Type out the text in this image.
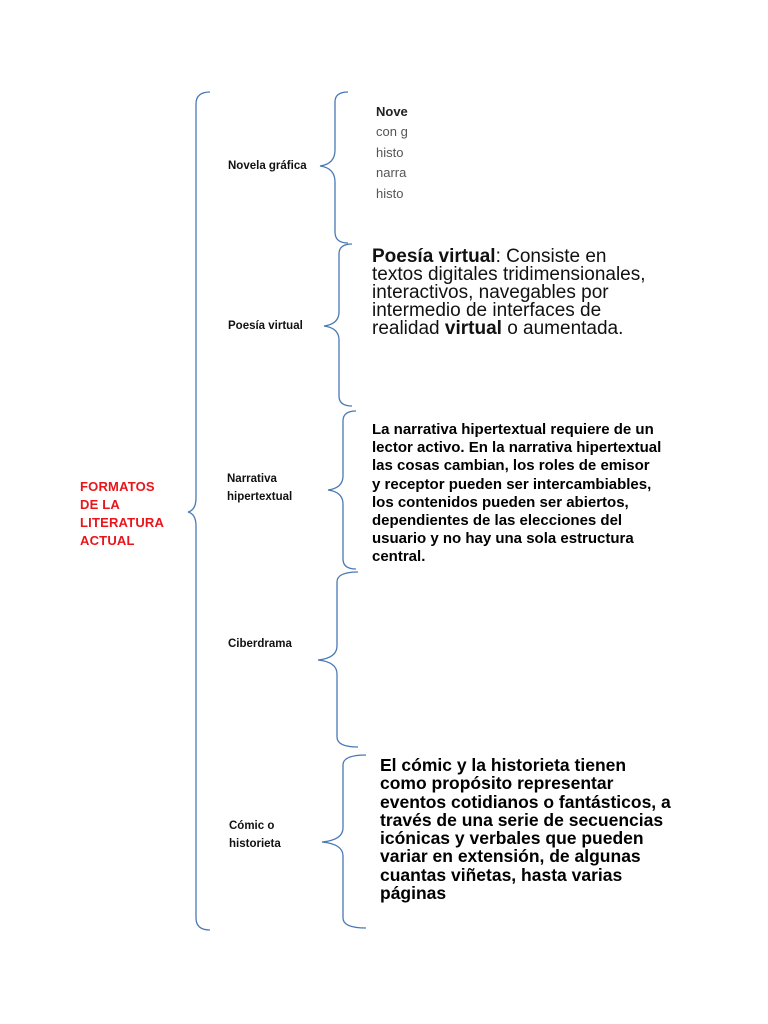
FORMATOS
DE LA
LITERATURA
ACTUAL
Novela gráfica
Poesía virtual
Narrativa
hipertextual
Ciberdrama
Cómic o
historieta
Nove
con g
histo
narra
histo
Poesía virtual: Consiste en
textos digitales tridimensionales,
interactivos, navegables por
intermedio de interfaces de
realidad virtual o aumentada.
La narrativa hipertextual requiere de un
lector activo. En la narrativa hipertextual
las cosas cambian, los roles de emisor
y receptor pueden ser intercambiables,
los contenidos pueden ser abiertos,
dependientes de las elecciones del
usuario y no hay una sola estructura
central.
El cómic y la historieta tienen
como propósito representar
eventos cotidianos o fantásticos, a
través de una serie de secuencias
icónicas y verbales que pueden
variar en extensión, de algunas
cuantas viñetas, hasta varias
páginas
